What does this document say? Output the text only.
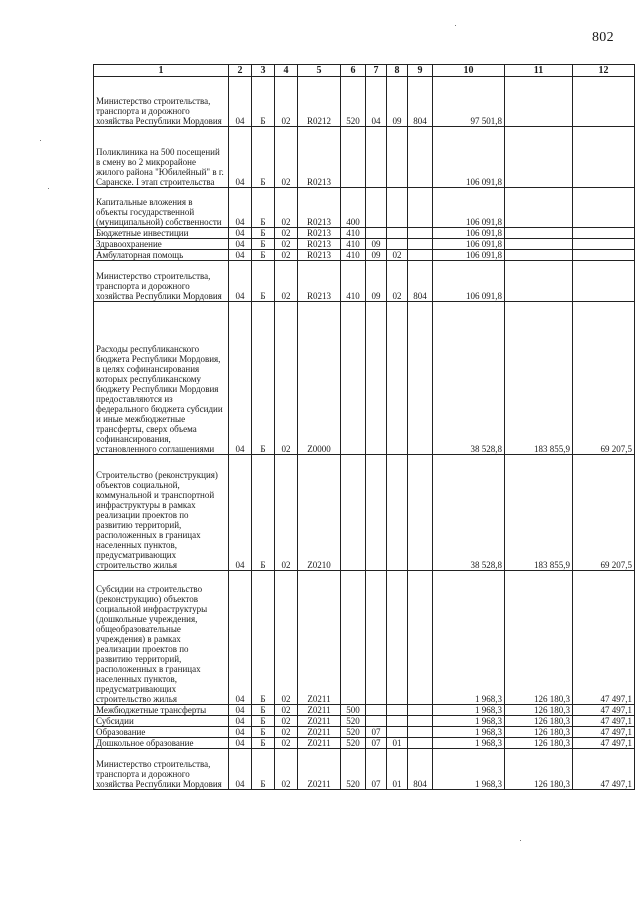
802
1	2	3	4	5	6	7	8	9	10	11	12
Министерство строительства, транспорта и дорожного хозяйства Республики Мордовия	04	Б	02	R0212	520	04	09	804	97 501,8		
Поликлиника на 500 посещений в смену во 2 микрорайоне жилого района "Юбилейный" в г. Саранске. I этап строительства	04	Б	02	R0213					106 091,8		
Капитальные вложения в объекты государственной (муниципальной) собственности	04	Б	02	R0213	400				106 091,8		
Бюджетные инвестиции	04	Б	02	R0213	410				106 091,8		
Здравоохранение	04	Б	02	R0213	410	09			106 091,8		
Амбулаторная помощь	04	Б	02	R0213	410	09	02		106 091,8		
Министерство строительства, транспорта и дорожного хозяйства Республики Мордовия	04	Б	02	R0213	410	09	02	804	106 091,8		
Расходы республиканского бюджета Республики Мордовия, в целях софинансирования которых республиканскому бюджету Республики Мордовия предоставляются из федерального бюджета субсидии и иные межбюджетные трансферты, сверх объема софинансирования, установленного соглашениями	04	Б	02	Z0000					38 528,8	183 855,9	69 207,5
Строительство (реконструкция) объектов социальной, коммунальной и транспортной инфраструктуры в рамках реализации проектов по развитию территорий, расположенных в границах населенных пунктов, предусматривающих строительство жилья	04	Б	02	Z0210					38 528,8	183 855,9	69 207,5
Субсидии на строительство (реконструкцию) объектов социальной инфраструктуры (дошкольные учреждения, общеобразовательные учреждения) в рамках реализации проектов по развитию территорий, расположенных в границах населенных пунктов, предусматривающих строительство жилья	04	Б	02	Z0211					1 968,3	126 180,3	47 497,1
Межбюджетные трансферты	04	Б	02	Z0211	500				1 968,3	126 180,3	47 497,1
Субсидии	04	Б	02	Z0211	520				1 968,3	126 180,3	47 497,1
Образование	04	Б	02	Z0211	520	07			1 968,3	126 180,3	47 497,1
Дошкольное образование	04	Б	02	Z0211	520	07	01		1 968,3	126 180,3	47 497,1
Министерство строительства, транспорта и дорожного хозяйства Республики Мордовия	04	Б	02	Z0211	520	07	01	804	1 968,3	126 180,3	47 497,1
